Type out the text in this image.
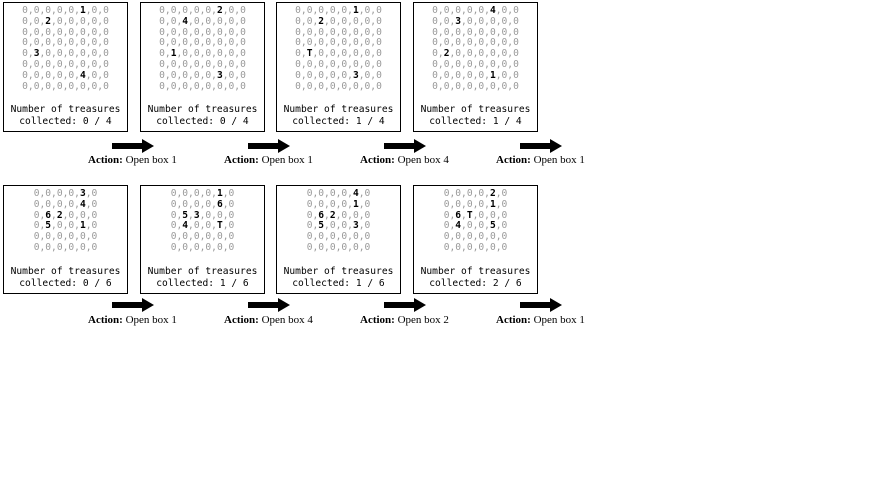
0,0,0,0,0,1,0,0
0,0,2,0,0,0,0,0
0,0,0,0,0,0,0,0
0,0,0,0,0,0,0,0
0,3,0,0,0,0,0,0
0,0,0,0,0,0,0,0
0,0,0,0,0,4,0,0
0,0,0,0,0,0,0,0
Number of treasures
collected: 0 / 4
0,0,0,0,0,2,0,0
0,0,4,0,0,0,0,0
0,0,0,0,0,0,0,0
0,0,0,0,0,0,0,0
0,1,0,0,0,0,0,0
0,0,0,0,0,0,0,0
0,0,0,0,0,3,0,0
0,0,0,0,0,0,0,0
Number of treasures
collected: 0 / 4
0,0,0,0,0,1,0,0
0,0,2,0,0,0,0,0
0,0,0,0,0,0,0,0
0,0,0,0,0,0,0,0
0,T,0,0,0,0,0,0
0,0,0,0,0,0,0,0
0,0,0,0,0,3,0,0
0,0,0,0,0,0,0,0
Number of treasures
collected: 1 / 4
0,0,0,0,0,4,0,0
0,0,3,0,0,0,0,0
0,0,0,0,0,0,0,0
0,0,0,0,0,0,0,0
0,2,0,0,0,0,0,0
0,0,0,0,0,0,0,0
0,0,0,0,0,1,0,0
0,0,0,0,0,0,0,0
Number of treasures
collected: 1 / 4
Action: Open box 1	Action: Open box 1	Action: Open box 4	Action: Open box 1
0,0,0,0,3,0
0,0,0,0,4,0
0,6,2,0,0,0
0,5,0,0,1,0
0,0,0,0,0,0
0,0,0,0,0,0
Number of treasures
collected: 0 / 6
0,0,0,0,1,0
0,0,0,0,6,0
0,5,3,0,0,0
0,4,0,0,T,0
0,0,0,0,0,0
0,0,0,0,0,0
Number of treasures
collected: 1 / 6
0,0,0,0,4,0
0,0,0,0,1,0
0,6,2,0,0,0
0,5,0,0,3,0
0,0,0,0,0,0
0,0,0,0,0,0
Number of treasures
collected: 1 / 6
0,0,0,0,2,0
0,0,0,0,1,0
0,6,T,0,0,0
0,4,0,0,5,0
0,0,0,0,0,0
0,0,0,0,0,0
Number of treasures
collected: 2 / 6
Action: Open box 1	Action: Open box 4	Action: Open box 2	Action: Open box 1
